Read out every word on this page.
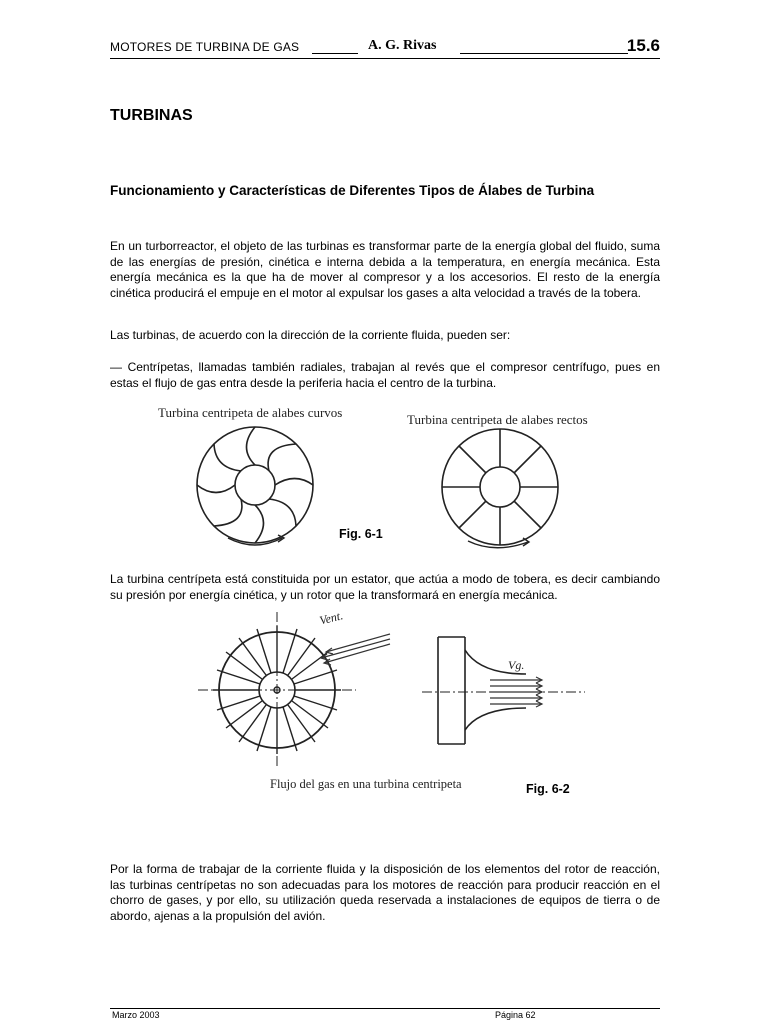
MOTORES DE TURBINA DE GAS	A. G. Rivas	15.6
TURBINAS
Funcionamiento y Características de Diferentes Tipos de Álabes de Turbina

En un turborreactor, el objeto de las turbinas es transformar parte de la energía global del fluido, suma de las energías de presión, cinética e interna debida a la temperatura, en energía mecánica. Esta energía mecánica es la que ha de mover al compresor y a los accesorios. El resto de la energía cinética producirá el empuje en el motor al expulsar los gases a alta velocidad a través de la tobera.

Las turbinas, de acuerdo con la dirección de la corriente fluida, pueden ser:

— Centrípetas, llamadas también radiales, trabajan al revés que el compresor centrífugo, pues en estas el flujo de gas entra desde la periferia hacia el centro de la turbina.

Turbina centripeta de alabes curvos	Turbina centripeta de alabes rectos
Fig. 6-1

La turbina centrípeta está constituida por un estator, que actúa a modo de tobera, es decir cambiando su presión por energía cinética, y un rotor que la transformará en energía mecánica.

Vent.
Vg.
Flujo del gas en una turbina centripeta	Fig. 6-2

Por la forma de trabajar de la corriente fluida y la disposición de los elementos del rotor de reacción, las turbinas centrípetas no son adecuadas para los motores de reacción para producir reacción en el chorro de gases, y por ello, su utilización queda reservada a instalaciones de equipos de tierra o de abordo, ajenas a la propulsión del avión.

Marzo 2003	Página 62
